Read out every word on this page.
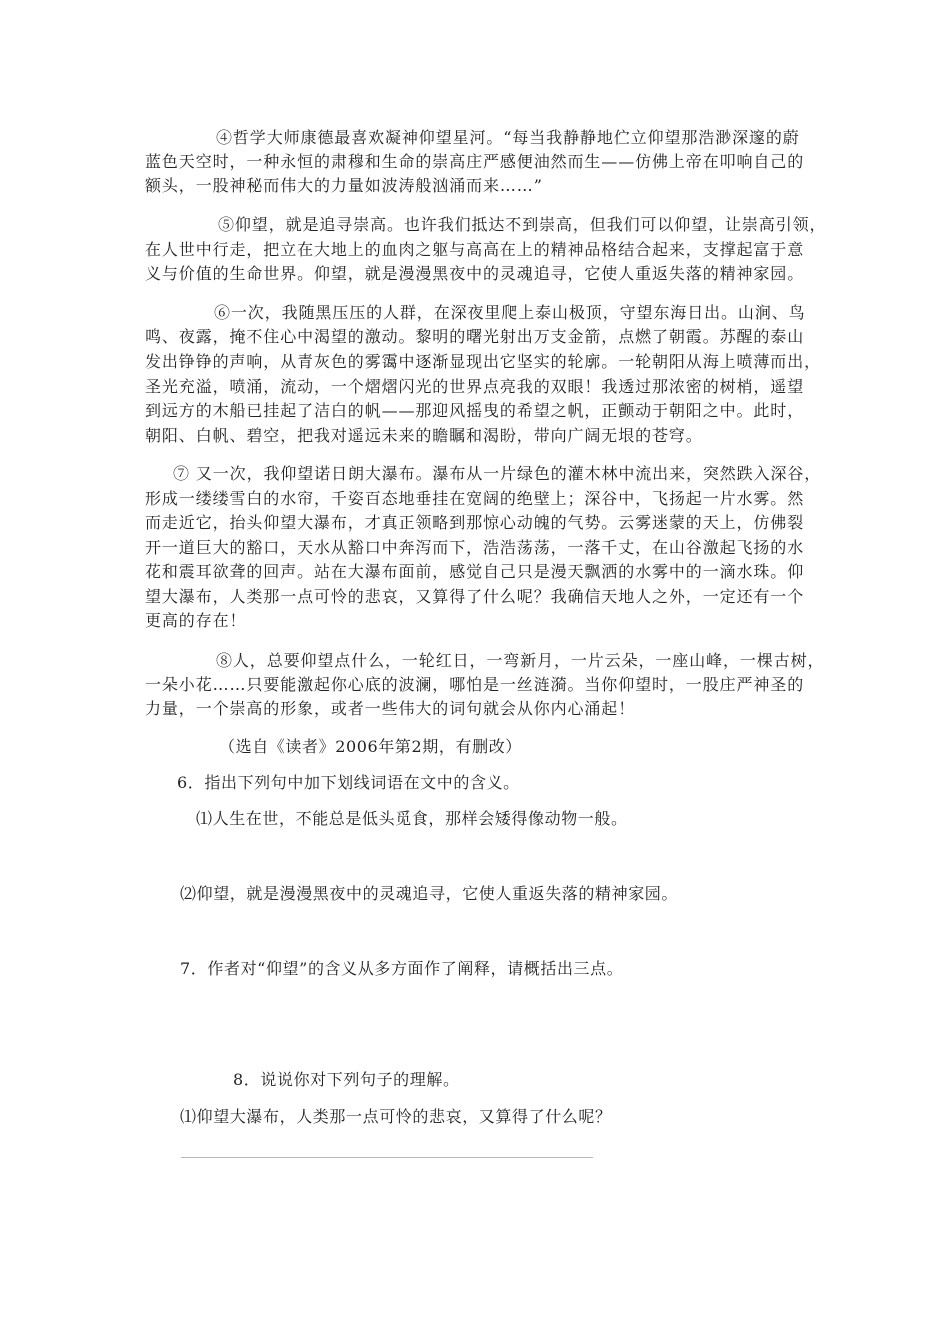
④哲学大师康德最喜欢凝神仰望星河。“每当我静静地伫立仰望那浩渺深邃的蔚
蓝色天空时，一种永恒的肃穆和生命的崇高庄严感便油然而生——仿佛上帝在叩响自己的
额头，一股神秘而伟大的力量如波涛般汹涌而来……”
⑤仰望，就是追寻崇高。也许我们抵达不到崇高，但我们可以仰望，让崇高引领，
在人世中行走，把立在大地上的血肉之躯与高高在上的精神品格结合起来，支撑起富于意
义与价值的生命世界。仰望，就是漫漫黑夜中的灵魂追寻，它使人重返失落的精神家园。
⑥一次，我随黑压压的人群，在深夜里爬上泰山极顶，守望东海日出。山涧、鸟
鸣、夜露，掩不住心中渴望的激动。黎明的曙光射出万支金箭，点燃了朝霞。苏醒的泰山
发出铮铮的声响，从青灰色的雾霭中逐渐显现出它坚实的轮廓。一轮朝阳从海上喷薄而出，
圣光充溢，喷涌，流动，一个熠熠闪光的世界点亮我的双眼！我透过那浓密的树梢，遥望
到远方的木船已挂起了洁白的帆——那迎风摇曳的希望之帆，正颤动于朝阳之中。此时，
朝阳、白帆、碧空，把我对遥远未来的瞻瞩和渴盼，带向广阔无垠的苍穹。
⑦ 又一次，我仰望诺日朗大瀑布。瀑布从一片绿色的灌木林中流出来，突然跌入深谷，
形成一缕缕雪白的水帘，千姿百态地垂挂在宽阔的绝壁上；深谷中，飞扬起一片水雾。然
而走近它，抬头仰望大瀑布，才真正领略到那惊心动魄的气势。云雾迷蒙的天上，仿佛裂
开一道巨大的豁口，天水从豁口中奔泻而下，浩浩荡荡，一落千丈，在山谷激起飞扬的水
花和震耳欲聋的回声。站在大瀑布面前，感觉自己只是漫天飘洒的水雾中的一滴水珠。仰
望大瀑布，人类那一点可怜的悲哀，又算得了什么呢？我确信天地人之外，一定还有一个
更高的存在！
⑧人，总要仰望点什么，一轮红日，一弯新月，一片云朵，一座山峰，一棵古树，
一朵小花……只要能激起你心底的波澜，哪怕是一丝涟漪。当你仰望时，一股庄严神圣的
力量，一个崇高的形象，或者一些伟大的词句就会从你内心涌起！
（选自《读者》2006年第2期，有删改）
6．指出下列句中加下划线词语在文中的含义。
⑴人生在世，不能总是低头觅食，那样会矮得像动物一般。
⑵仰望，就是漫漫黑夜中的灵魂追寻，它使人重返失落的精神家园。
7．作者对“仰望”的含义从多方面作了阐释，请概括出三点。
8．说说你对下列句子的理解。
⑴仰望大瀑布，人类那一点可怜的悲哀，又算得了什么呢？
